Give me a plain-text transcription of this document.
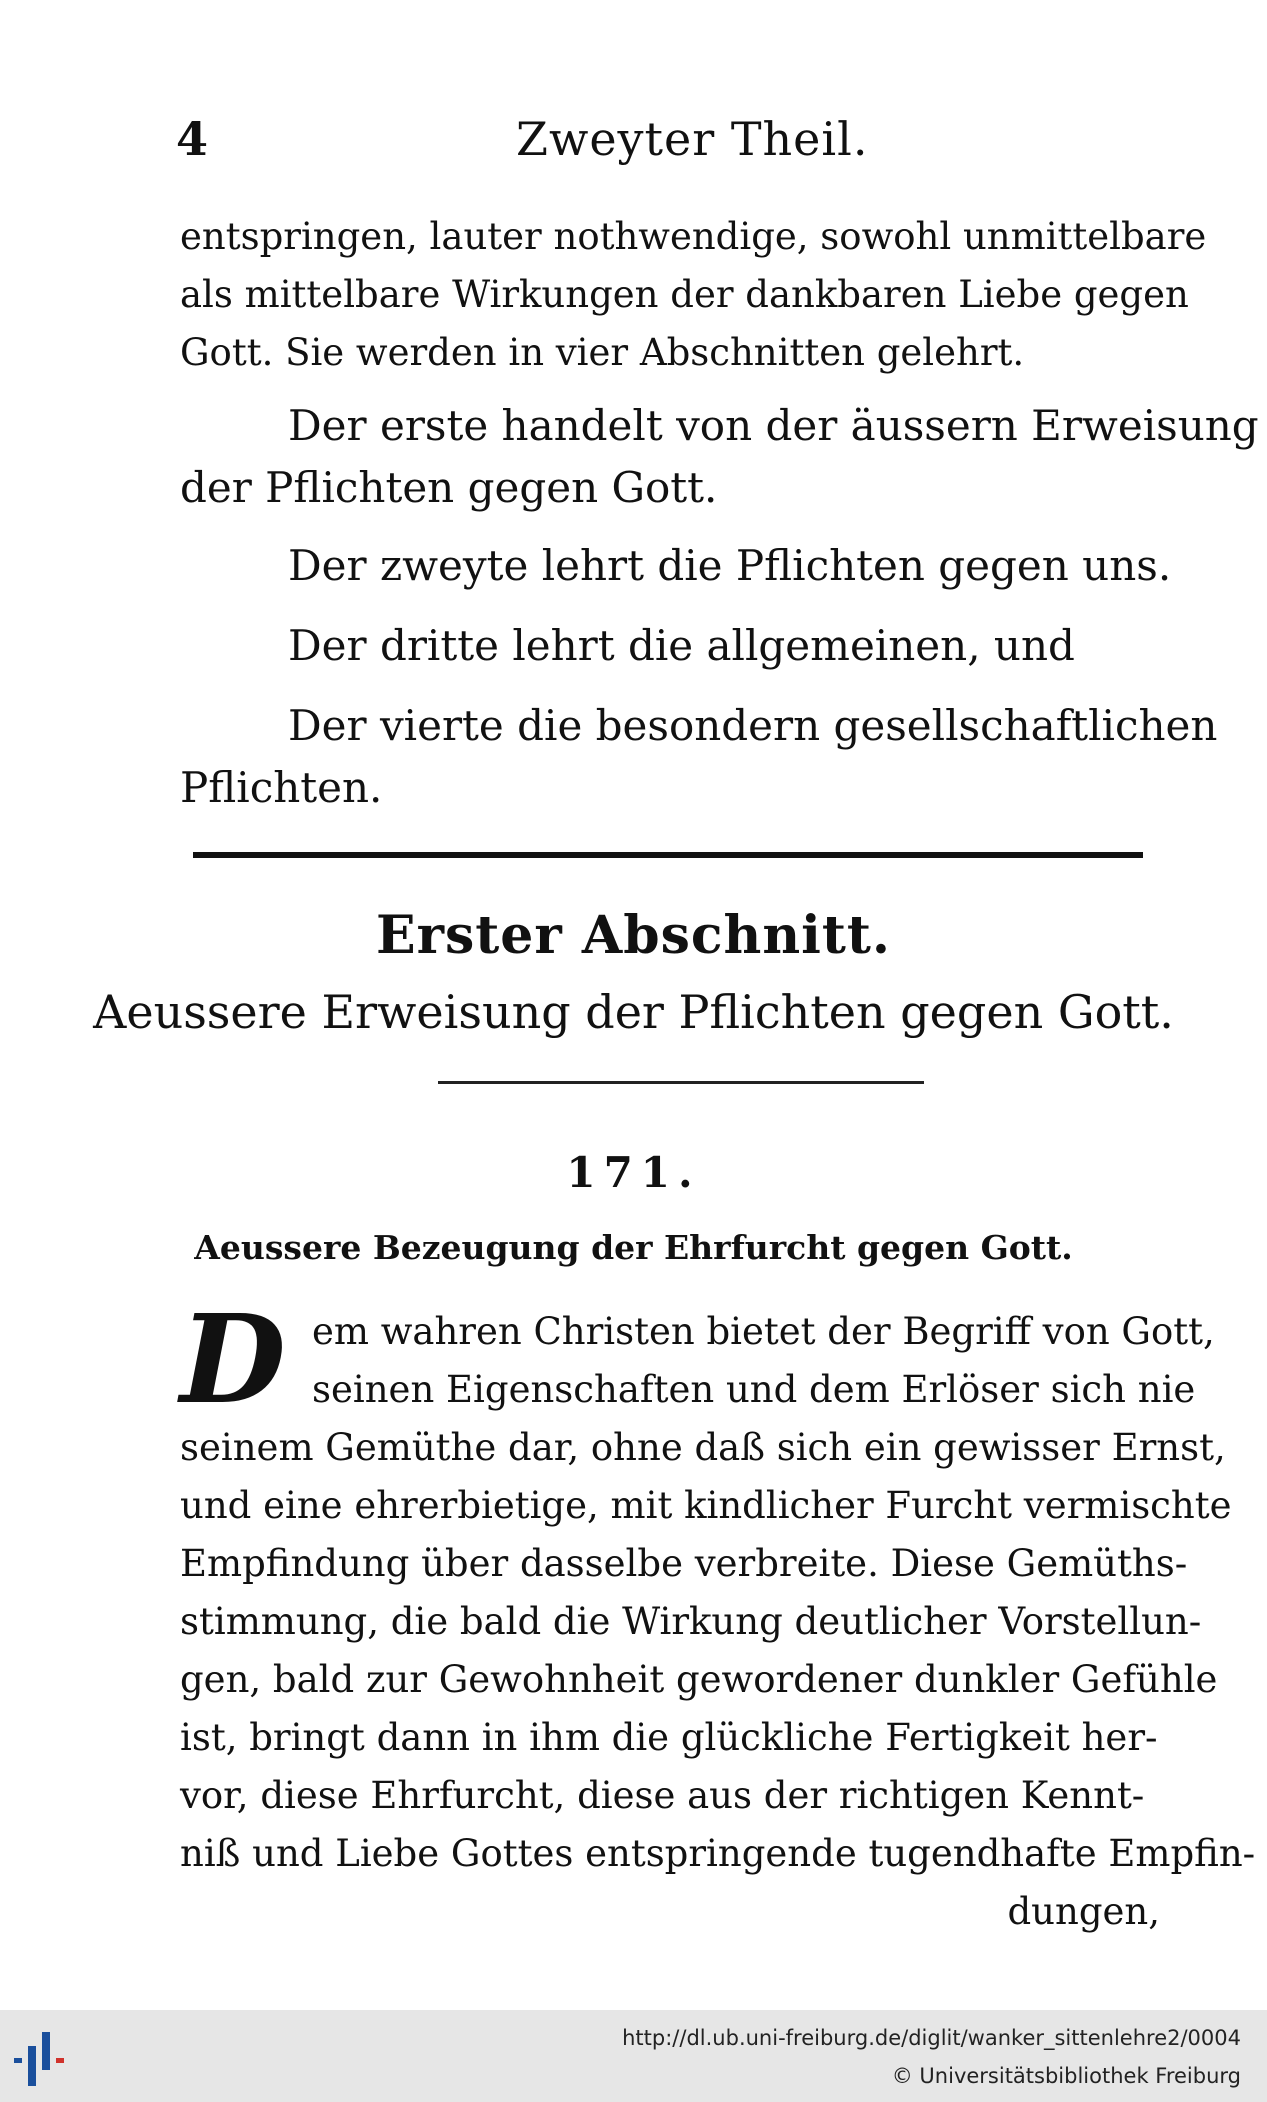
4	Zweyter Theil.
entspringen, lauter nothwendige, sowohl unmittelbare
als mittelbare Wirkungen der dankbaren Liebe gegen
Gott. Sie werden in vier Abschnitten gelehrt.
Der erste handelt von der äussern Erweisung
der Pflichten gegen Gott.
Der zweyte lehrt die Pflichten gegen uns.
Der dritte lehrt die allgemeinen, und
Der vierte die besondern gesellschaftlichen
Pflichten.
Erster Abschnitt.
Aeussere Erweisung der Pflichten gegen Gott.
171.
Aeussere Bezeugung der Ehrfurcht gegen Gott.
D em wahren Christen bietet der Begriff von Gott,
seinen Eigenschaften und dem Erlöser sich nie
seinem Gemüthe dar, ohne daß sich ein gewisser Ernst,
und eine ehrerbietige, mit kindlicher Furcht vermischte
Empfindung über dasselbe verbreite. Diese Gemüths-
stimmung, die bald die Wirkung deutlicher Vorstellun-
gen, bald zur Gewohnheit gewordener dunkler Gefühle
ist, bringt dann in ihm die glückliche Fertigkeit her-
vor, diese Ehrfurcht, diese aus der richtigen Kennt-
niß und Liebe Gottes entspringende tugendhafte Empfin-
dungen,
http://dl.ub.uni-freiburg.de/diglit/wanker_sittenlehre2/0004
© Universitätsbibliothek Freiburg
